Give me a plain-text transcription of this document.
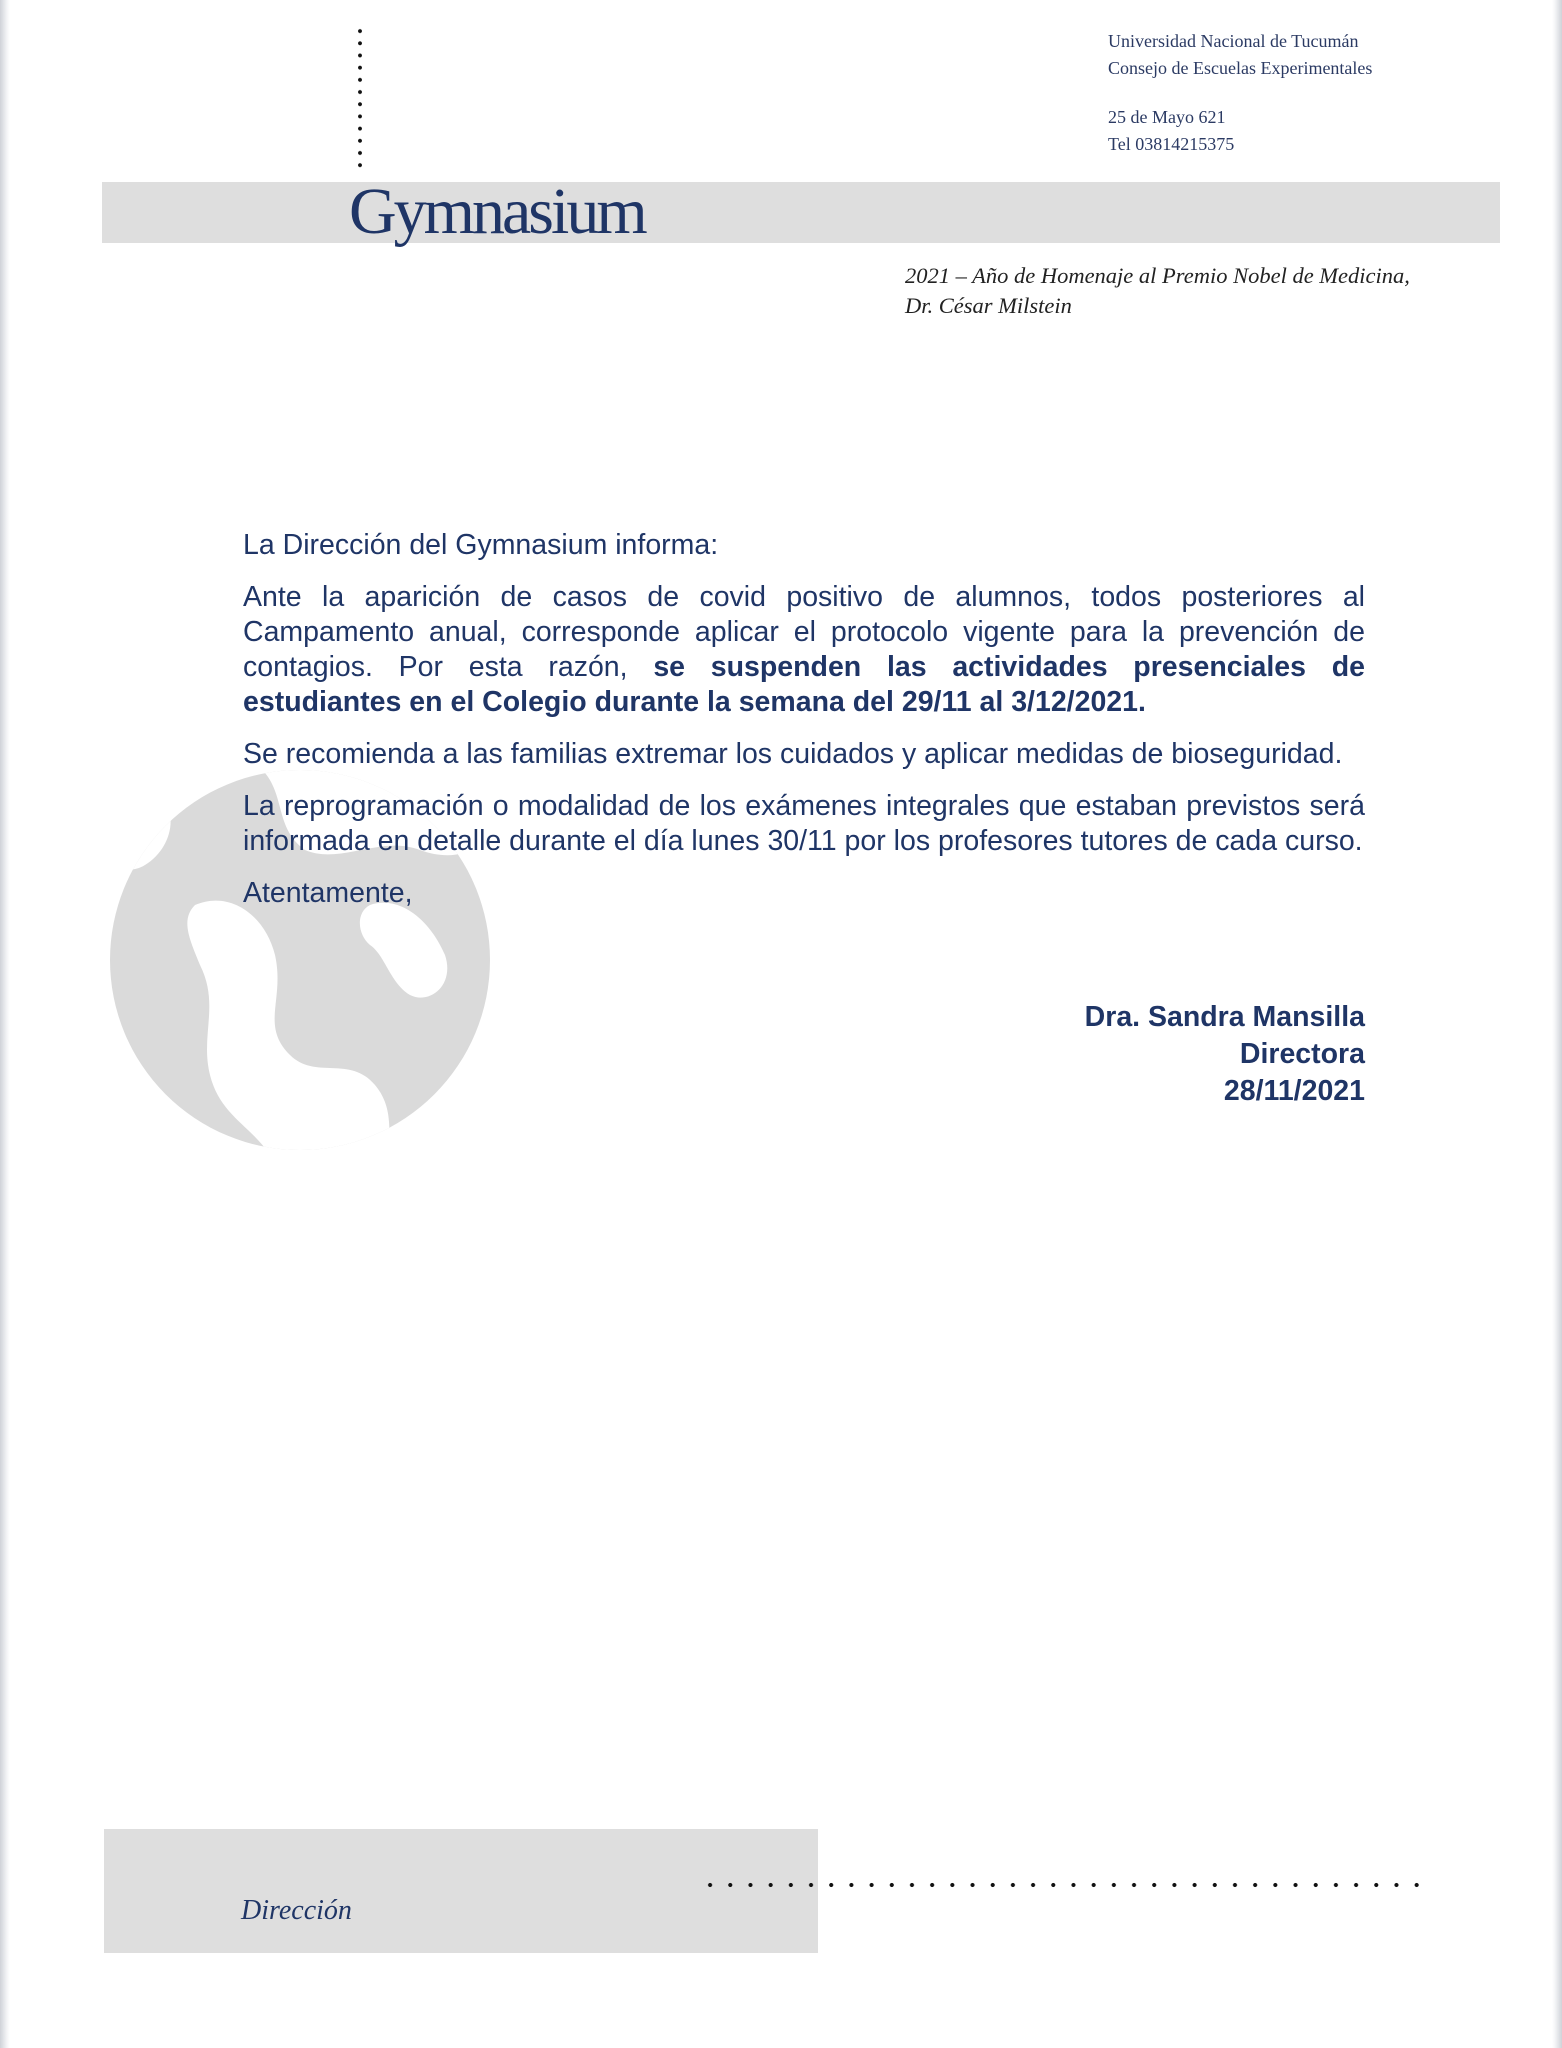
Universidad Nacional de Tucumán
Consejo de Escuelas Experimentales
25 de Mayo 621
Tel 03814215375
Gymnasium
2021 – Año de Homenaje al Premio Nobel de Medicina,
Dr. César Milstein

La Dirección del Gymnasium informa:

Ante la aparición de casos de covid positivo de alumnos, todos posteriores al Campamento anual, corresponde aplicar el protocolo vigente para la prevención de contagios. Por esta razón, se suspenden las actividades presenciales de estudiantes en el Colegio durante la semana del 29/11 al 3/12/2021.

Se recomienda a las familias extremar los cuidados y aplicar medidas de bioseguridad.

La reprogramación o modalidad de los exámenes integrales que estaban previstos será informada en detalle durante el día lunes 30/11 por los profesores tutores de cada curso.

Atentamente,

Dra. Sandra Mansilla
Directora
28/11/2021
Dirección
